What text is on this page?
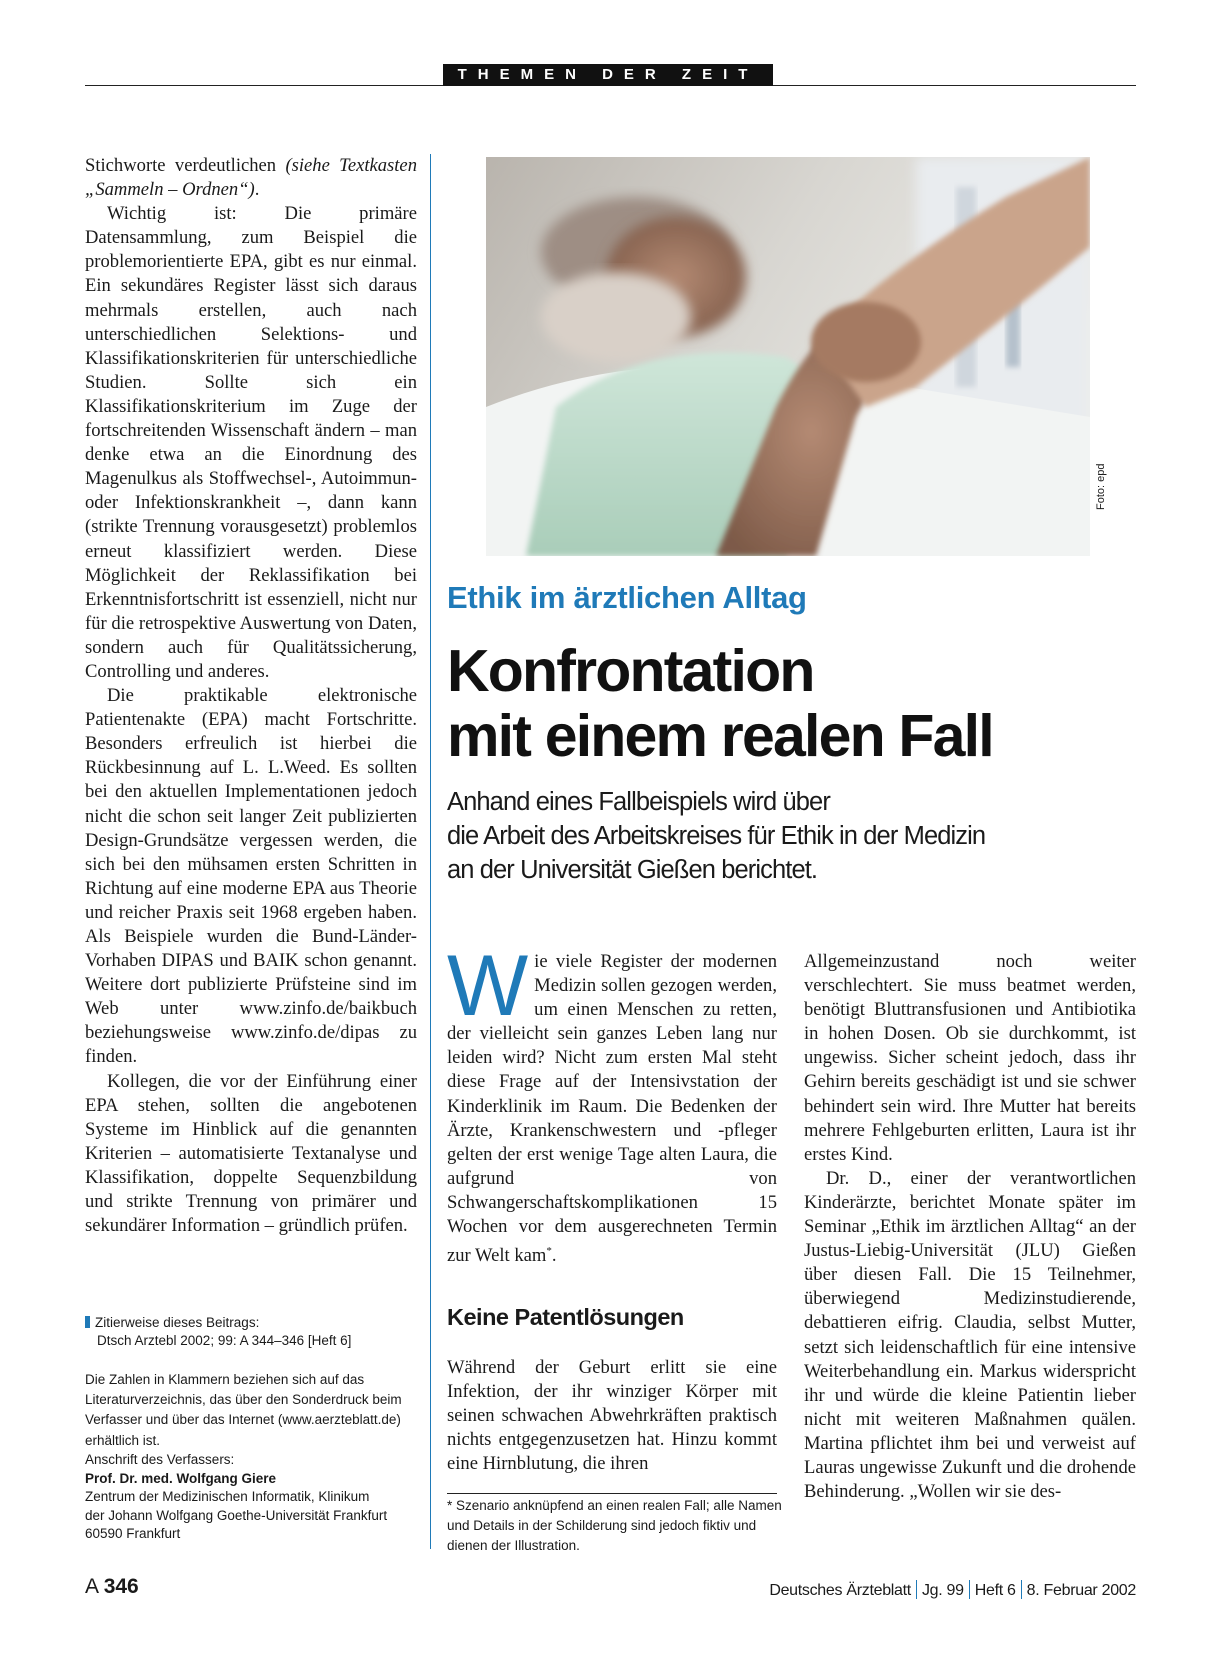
THEMEN DER ZEIT

Stichworte verdeutlichen (siehe Textkasten „Sammeln – Ordnen“).

Wichtig ist: Die primäre Datensammlung, zum Beispiel die problemorientierte EPA, gibt es nur einmal. Ein sekundäres Register lässt sich daraus mehrmals erstellen, auch nach unterschiedlichen Selektions- und Klassifikationskriterien für unterschiedliche Studien. Sollte sich ein Klassifikationskriterium im Zuge der fortschreitenden Wissenschaft ändern – man denke etwa an die Einordnung des Magenulkus als Stoffwechsel-, Autoimmun- oder Infektionskrankheit –, dann kann (strikte Trennung vorausgesetzt) problemlos erneut klassifiziert werden. Diese Möglichkeit der Reklassifikation bei Erkenntnisfortschritt ist essenziell, nicht nur für die retrospektive Auswertung von Daten, sondern auch für Qualitätssicherung, Controlling und anderes.

Die praktikable elektronische Patientenakte (EPA) macht Fortschritte. Besonders erfreulich ist hierbei die Rückbesinnung auf L. L.Weed. Es sollten bei den aktuellen Implementationen jedoch nicht die schon seit langer Zeit publizierten Design-Grundsätze vergessen werden, die sich bei den mühsamen ersten Schritten in Richtung auf eine moderne EPA aus Theorie und reicher Praxis seit 1968 ergeben haben. Als Beispiele wurden die Bund-Länder-Vorhaben DIPAS und BAIK schon genannt. Weitere dort publizierte Prüfsteine sind im Web unter www.zinfo.de/baikbuch beziehungsweise www.zinfo.de/dipas zu finden.

Kollegen, die vor der Einführung einer EPA stehen, sollten die angebotenen Systeme im Hinblick auf die genannten Kriterien – automatisierte Textanalyse und Klassifikation, doppelte Sequenzbildung und strikte Trennung von primärer und sekundärer Information – gründlich prüfen.

Zitierweise dieses Beitrags:
Dtsch Arztebl 2002; 99: A 344–346 [Heft 6]
Die Zahlen in Klammern beziehen sich auf das Literaturverzeichnis, das über den Sonderdruck beim Verfasser und über das Internet (www.aerzteblatt.de) erhältlich ist.
Anschrift des Verfassers:
Prof. Dr. med. Wolfgang Giere
Zentrum der Medizinischen Informatik, Klinikum
der Johann Wolfgang Goethe-Universität Frankfurt
60590 Frankfurt
Foto: epd
Ethik im ärztlichen Alltag
Konfrontation
mit einem realen Fall
Anhand eines Fallbeispiels wird über
die Arbeit des Arbeitskreises für Ethik in der Medizin
an der Universität Gießen berichtet.

Wie viele Register der modernen Medizin sollen gezogen werden, um einen Menschen zu retten, der vielleicht sein ganzes Leben lang nur leiden wird? Nicht zum ersten Mal steht diese Frage auf der Intensivstation der Kinderklinik im Raum. Die Bedenken der Ärzte, Krankenschwestern und -pfleger gelten der erst wenige Tage alten Laura, die aufgrund von Schwangerschaftskomplikationen 15 Wochen vor dem ausgerechneten Termin zur Welt kam*.

Keine Patentlösungen

Während der Geburt erlitt sie eine Infektion, der ihr winziger Körper mit seinen schwachen Abwehrkräften praktisch nichts entgegenzusetzen hat. Hinzu kommt eine Hirnblutung, die ihren

* Szenario anknüpfend an einen realen Fall; alle Namen und Details in der Schilderung sind jedoch fiktiv und dienen der Illustration.

Allgemeinzustand noch weiter verschlechtert. Sie muss beatmet werden, benötigt Bluttransfusionen und Antibiotika in hohen Dosen. Ob sie durchkommt, ist ungewiss. Sicher scheint jedoch, dass ihr Gehirn bereits geschädigt ist und sie schwer behindert sein wird. Ihre Mutter hat bereits mehrere Fehlgeburten erlitten, Laura ist ihr erstes Kind.

Dr. D., einer der verantwortlichen Kinderärzte, berichtet Monate später im Seminar „Ethik im ärztlichen Alltag“ an der Justus-Liebig-Universität (JLU) Gießen über diesen Fall. Die 15 Teilnehmer, überwiegend Medizinstudierende, debattieren eifrig. Claudia, selbst Mutter, setzt sich leidenschaftlich für eine intensive Weiterbehandlung ein. Markus widerspricht ihr und würde die kleine Patientin lieber nicht mit weiteren Maßnahmen quälen. Martina pflichtet ihm bei und verweist auf Lauras ungewisse Zukunft und die drohende Behinderung. „Wollen wir sie des-

A 346	Deutsches Ärzteblatt Jg. 99 Heft 6 8. Februar 2002
